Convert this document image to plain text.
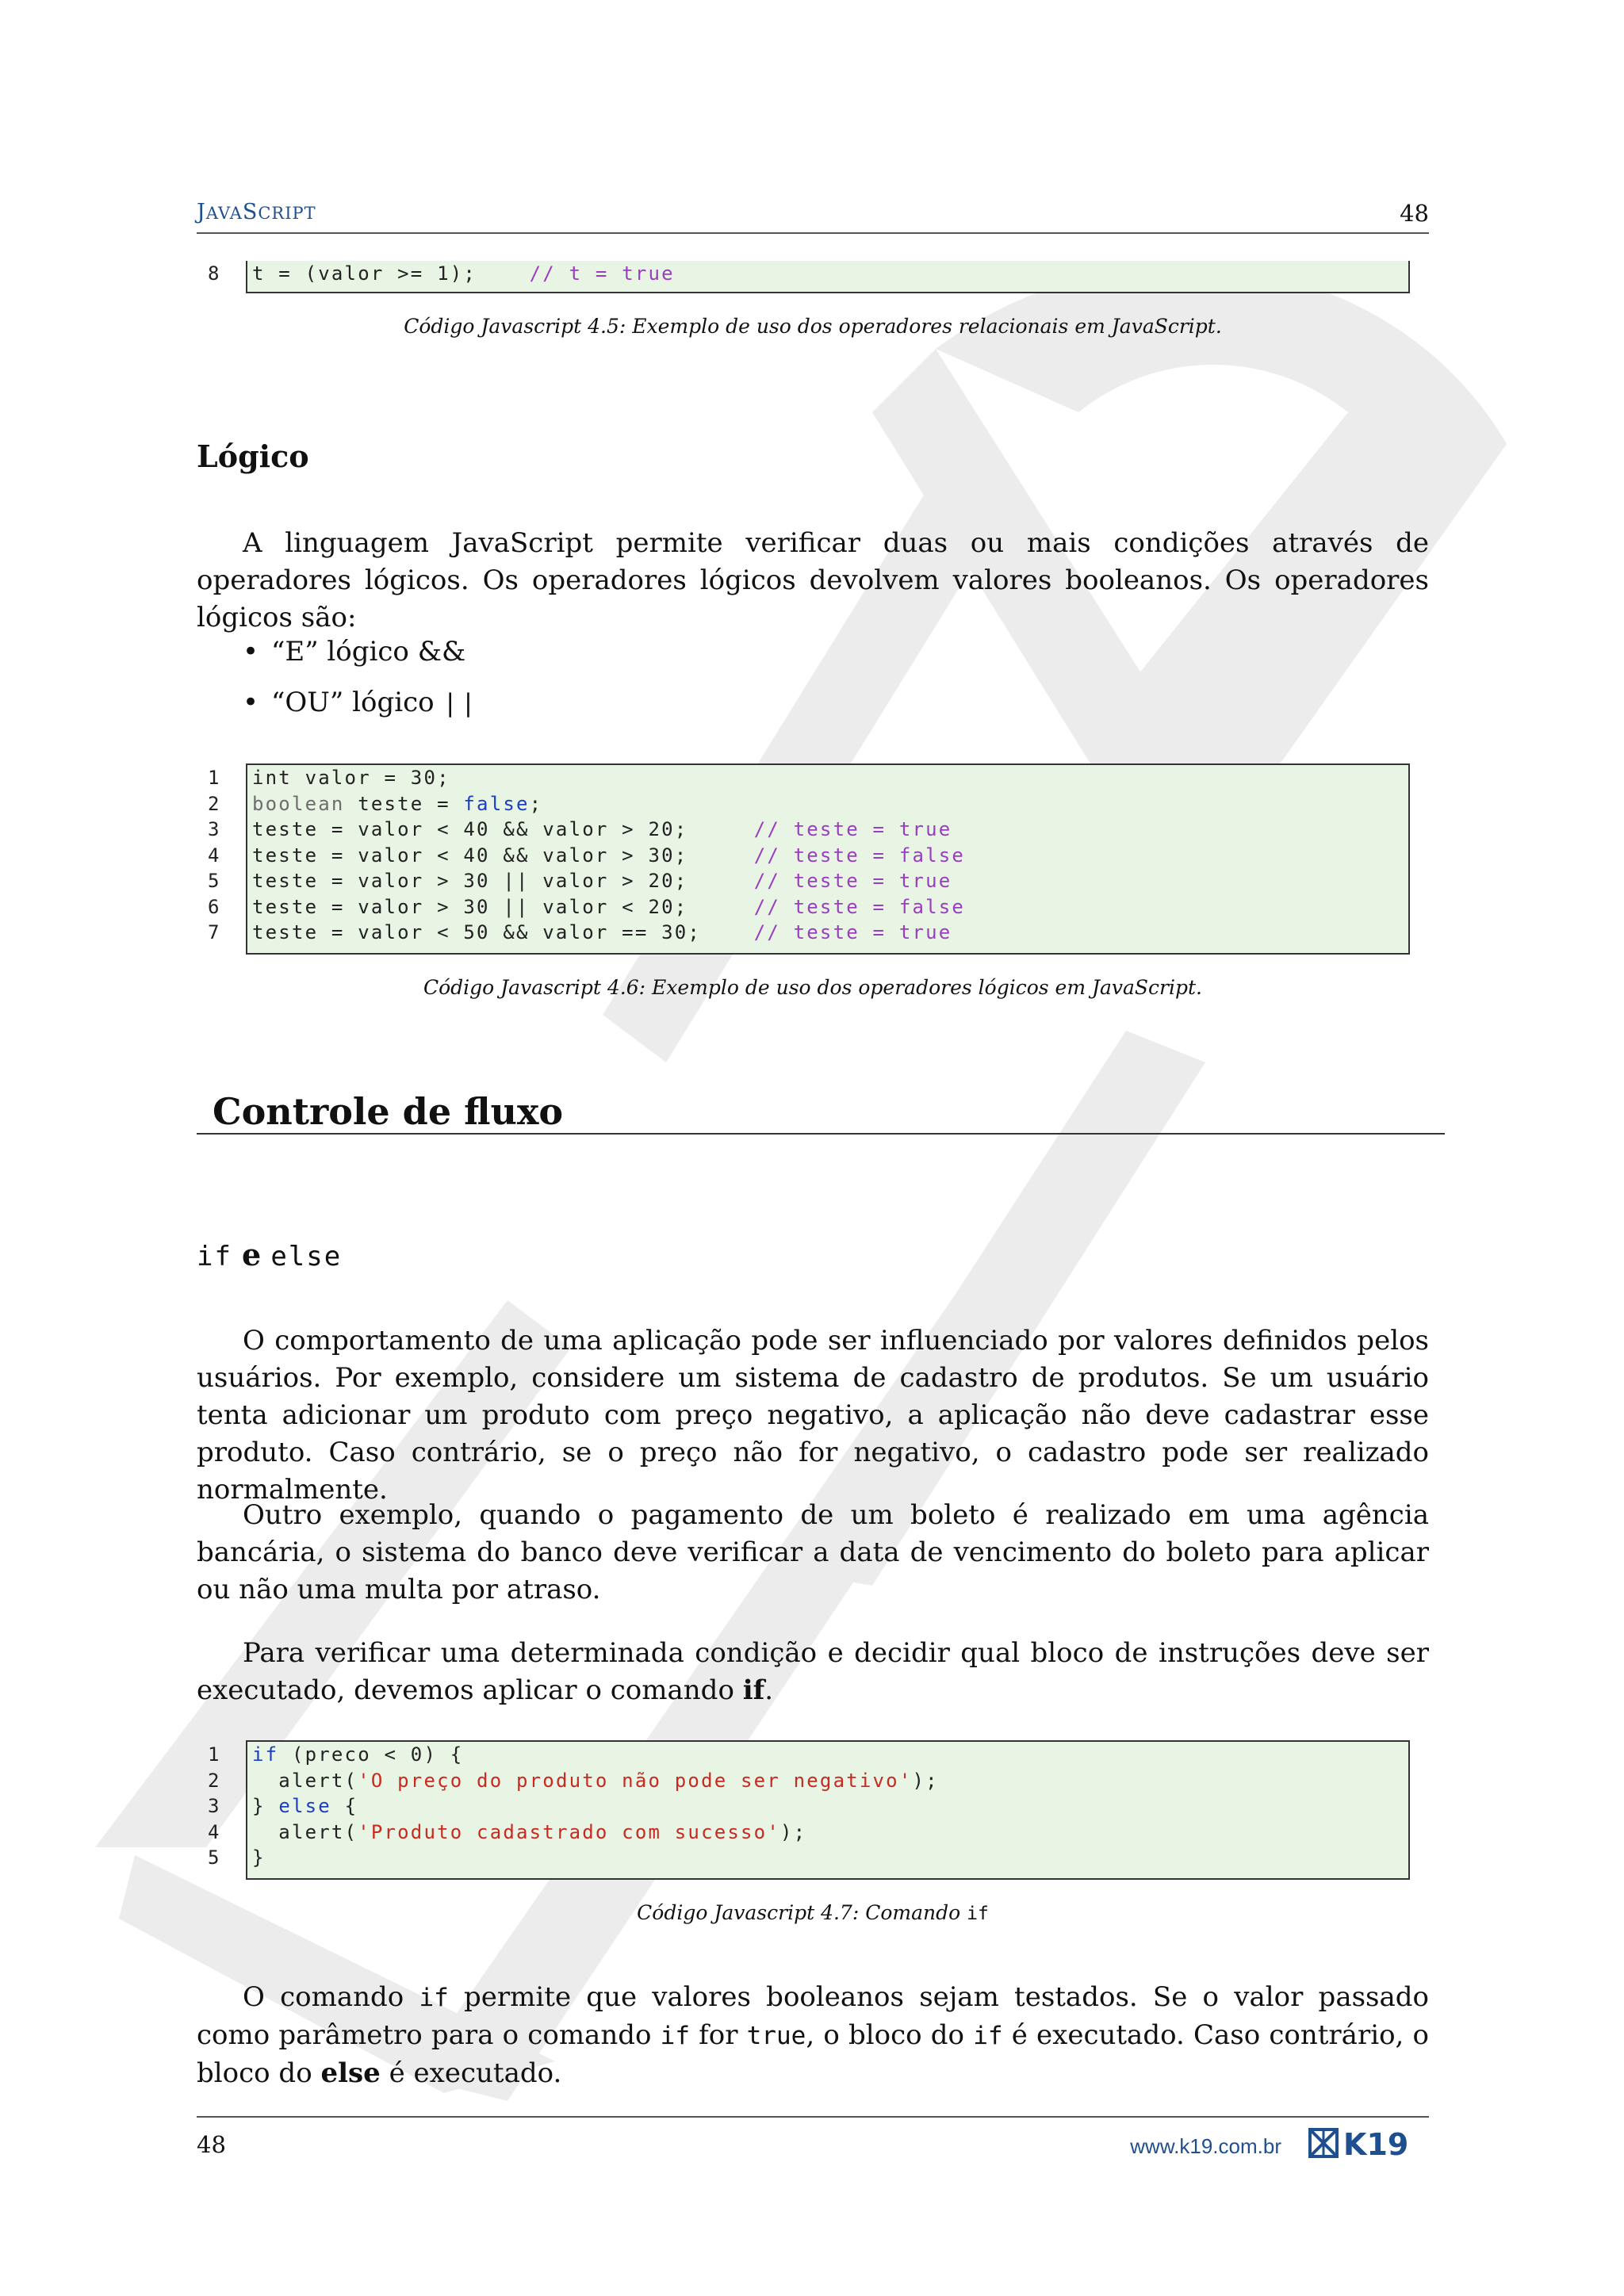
JAVASCRIPT	48
8	t = (valor >= 1);	// t = true
Código Javascript 4.5: Exemplo de uso dos operadores relacionais em JavaScript.
Lógico
A linguagem JavaScript permite verificar duas ou mais condições através de operadores lógicos. Os operadores lógicos devolvem valores booleanos. Os operadores lógicos são:
• “E” lógico &&
• “OU” lógico ||
1	int valor = 30;
2	boolean teste = false;
3	teste = valor < 40 && valor > 20;	// teste = true
4	teste = valor < 40 && valor > 30;	// teste = false
5	teste = valor > 30 || valor > 20;	// teste = true
6	teste = valor > 30 || valor < 20;	// teste = false
7	teste = valor < 50 && valor == 30;	// teste = true
Código Javascript 4.6: Exemplo de uso dos operadores lógicos em JavaScript.
Controle de fluxo
if e else
O comportamento de uma aplicação pode ser influenciado por valores definidos pelos usuários. Por exemplo, considere um sistema de cadastro de produtos. Se um usuário tenta adicionar um produto com preço negativo, a aplicação não deve cadastrar esse produto. Caso contrário, se o preço não for negativo, o cadastro pode ser realizado normalmente.
Outro exemplo, quando o pagamento de um boleto é realizado em uma agência bancária, o sistema do banco deve verificar a data de vencimento do boleto para aplicar ou não uma multa por atraso.
Para verificar uma determinada condição e decidir qual bloco de instruções deve ser executado, devemos aplicar o comando if.
1	if (preco < 0) {
2	alert('O preço do produto não pode ser negativo');
3	} else {
4	alert('Produto cadastrado com sucesso');
5	}
Código Javascript 4.7: Comando if
O comando if permite que valores booleanos sejam testados. Se o valor passado como parâmetro para o comando if for true, o bloco do if é executado. Caso contrário, o bloco do else é executado.
48	www.k19.com.br K19
